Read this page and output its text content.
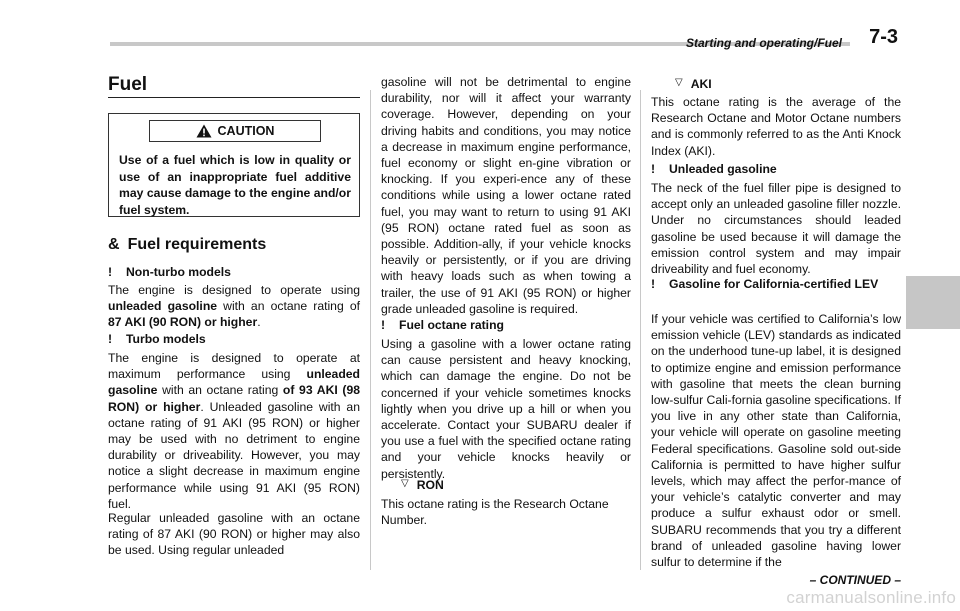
Starting and operating/Fuel 7-3
Fuel
CAUTION
Use of a fuel which is low in quality or use of an inappropriate fuel additive may cause damage to the engine and/or fuel system.
& Fuel requirements
!	Non-turbo models

The engine is designed to operate using unleaded gasoline with an octane rating of 87 AKI (90 RON) or higher.

!	Turbo models

The engine is designed to operate at maximum performance using unleaded gasoline with an octane rating of 93 AKI (98 RON) or higher. Unleaded gasoline with an octane rating of 91 AKI (95 RON) or higher may be used with no detriment to engine durability or driveability. However, you may notice a slight decrease in maximum engine performance while using 91 AKI (95 RON) fuel.

Regular unleaded gasoline with an octane rating of 87 AKI (90 RON) or higher may also be used. Using regular unleaded

gasoline will not be detrimental to engine durability, nor will it affect your warranty coverage. However, depending on your driving habits and conditions, you may notice a decrease in maximum engine performance, fuel economy or slight en-gine vibration or knocking. If you experi-ence any of these conditions while using a lower octane rated fuel, you may want to return to using 91 AKI (95 RON) octane rated fuel as soon as possible. Addition-ally, if your vehicle knocks heavily or persistently, or if you are driving with heavy loads such as when towing a trailer, the use of 91 AKI (95 RON) or higher grade unleaded gasoline is required.

!	Fuel octane rating

Using a gasoline with a lower octane rating can cause persistent and heavy knocking, which can damage the engine. Do not be concerned if your vehicle sometimes knocks lightly when you drive up a hill or when you accelerate. Contact your SUBARU dealer if you use a fuel with the specified octane rating and your vehicle knocks heavily or persistently.

▽ RON

This octane rating is the Research Octane Number.

▽ AKI

This octane rating is the average of the Research Octane and Motor Octane numbers and is commonly referred to as the Anti Knock Index (AKI).

!	Unleaded gasoline

The neck of the fuel filler pipe is designed to accept only an unleaded gasoline filler nozzle. Under no circumstances should leaded gasoline be used because it will damage the emission control system and may impair driveability and fuel economy.

!	Gasoline for California-certified LEV

If your vehicle was certified to California’s low emission vehicle (LEV) standards as indicated on the underhood tune-up label, it is designed to optimize engine and emission performance with gasoline that meets the clean burning low-sulfur Cali-fornia gasoline specifications. If you live in any other state than California, your vehicle will operate on gasoline meeting Federal specifications. Gasoline sold out-side California is permitted to have higher sulfur levels, which may affect the perfor-mance of your vehicle’s catalytic converter and may produce a sulfur exhaust odor or smell. SUBARU recommends that you try a different brand of unleaded gasoline having lower sulfur to determine if the

– CONTINUED –
carmanualsonline.info
